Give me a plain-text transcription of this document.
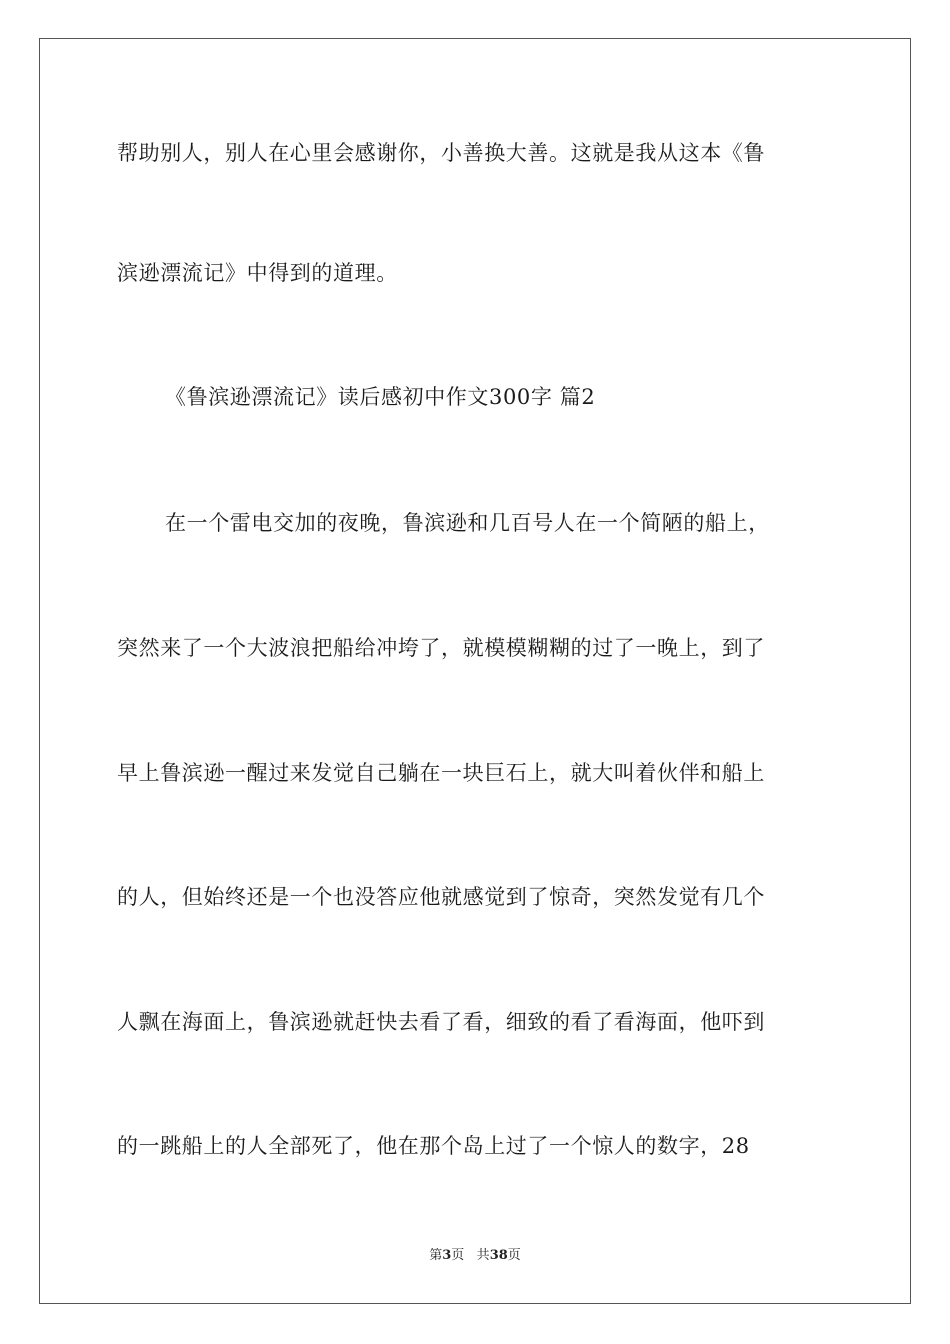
帮助别人，别人在心里会感谢你，小善换大善。这就是我从这本《鲁
滨逊漂流记》中得到的道理。
《鲁滨逊漂流记》读后感初中作文300字 篇2
在一个雷电交加的夜晚，鲁滨逊和几百号人在一个简陋的船上，
突然来了一个大波浪把船给冲垮了，就模模糊糊的过了一晚上，到了
早上鲁滨逊一醒过来发觉自己躺在一块巨石上，就大叫着伙伴和船上
的人，但始终还是一个也没答应他就感觉到了惊奇，突然发觉有几个
人飘在海面上，鲁滨逊就赶快去看了看，细致的看了看海面，他吓到
的一跳船上的人全部死了，他在那个岛上过了一个惊人的数字，28
第3页 共38页
